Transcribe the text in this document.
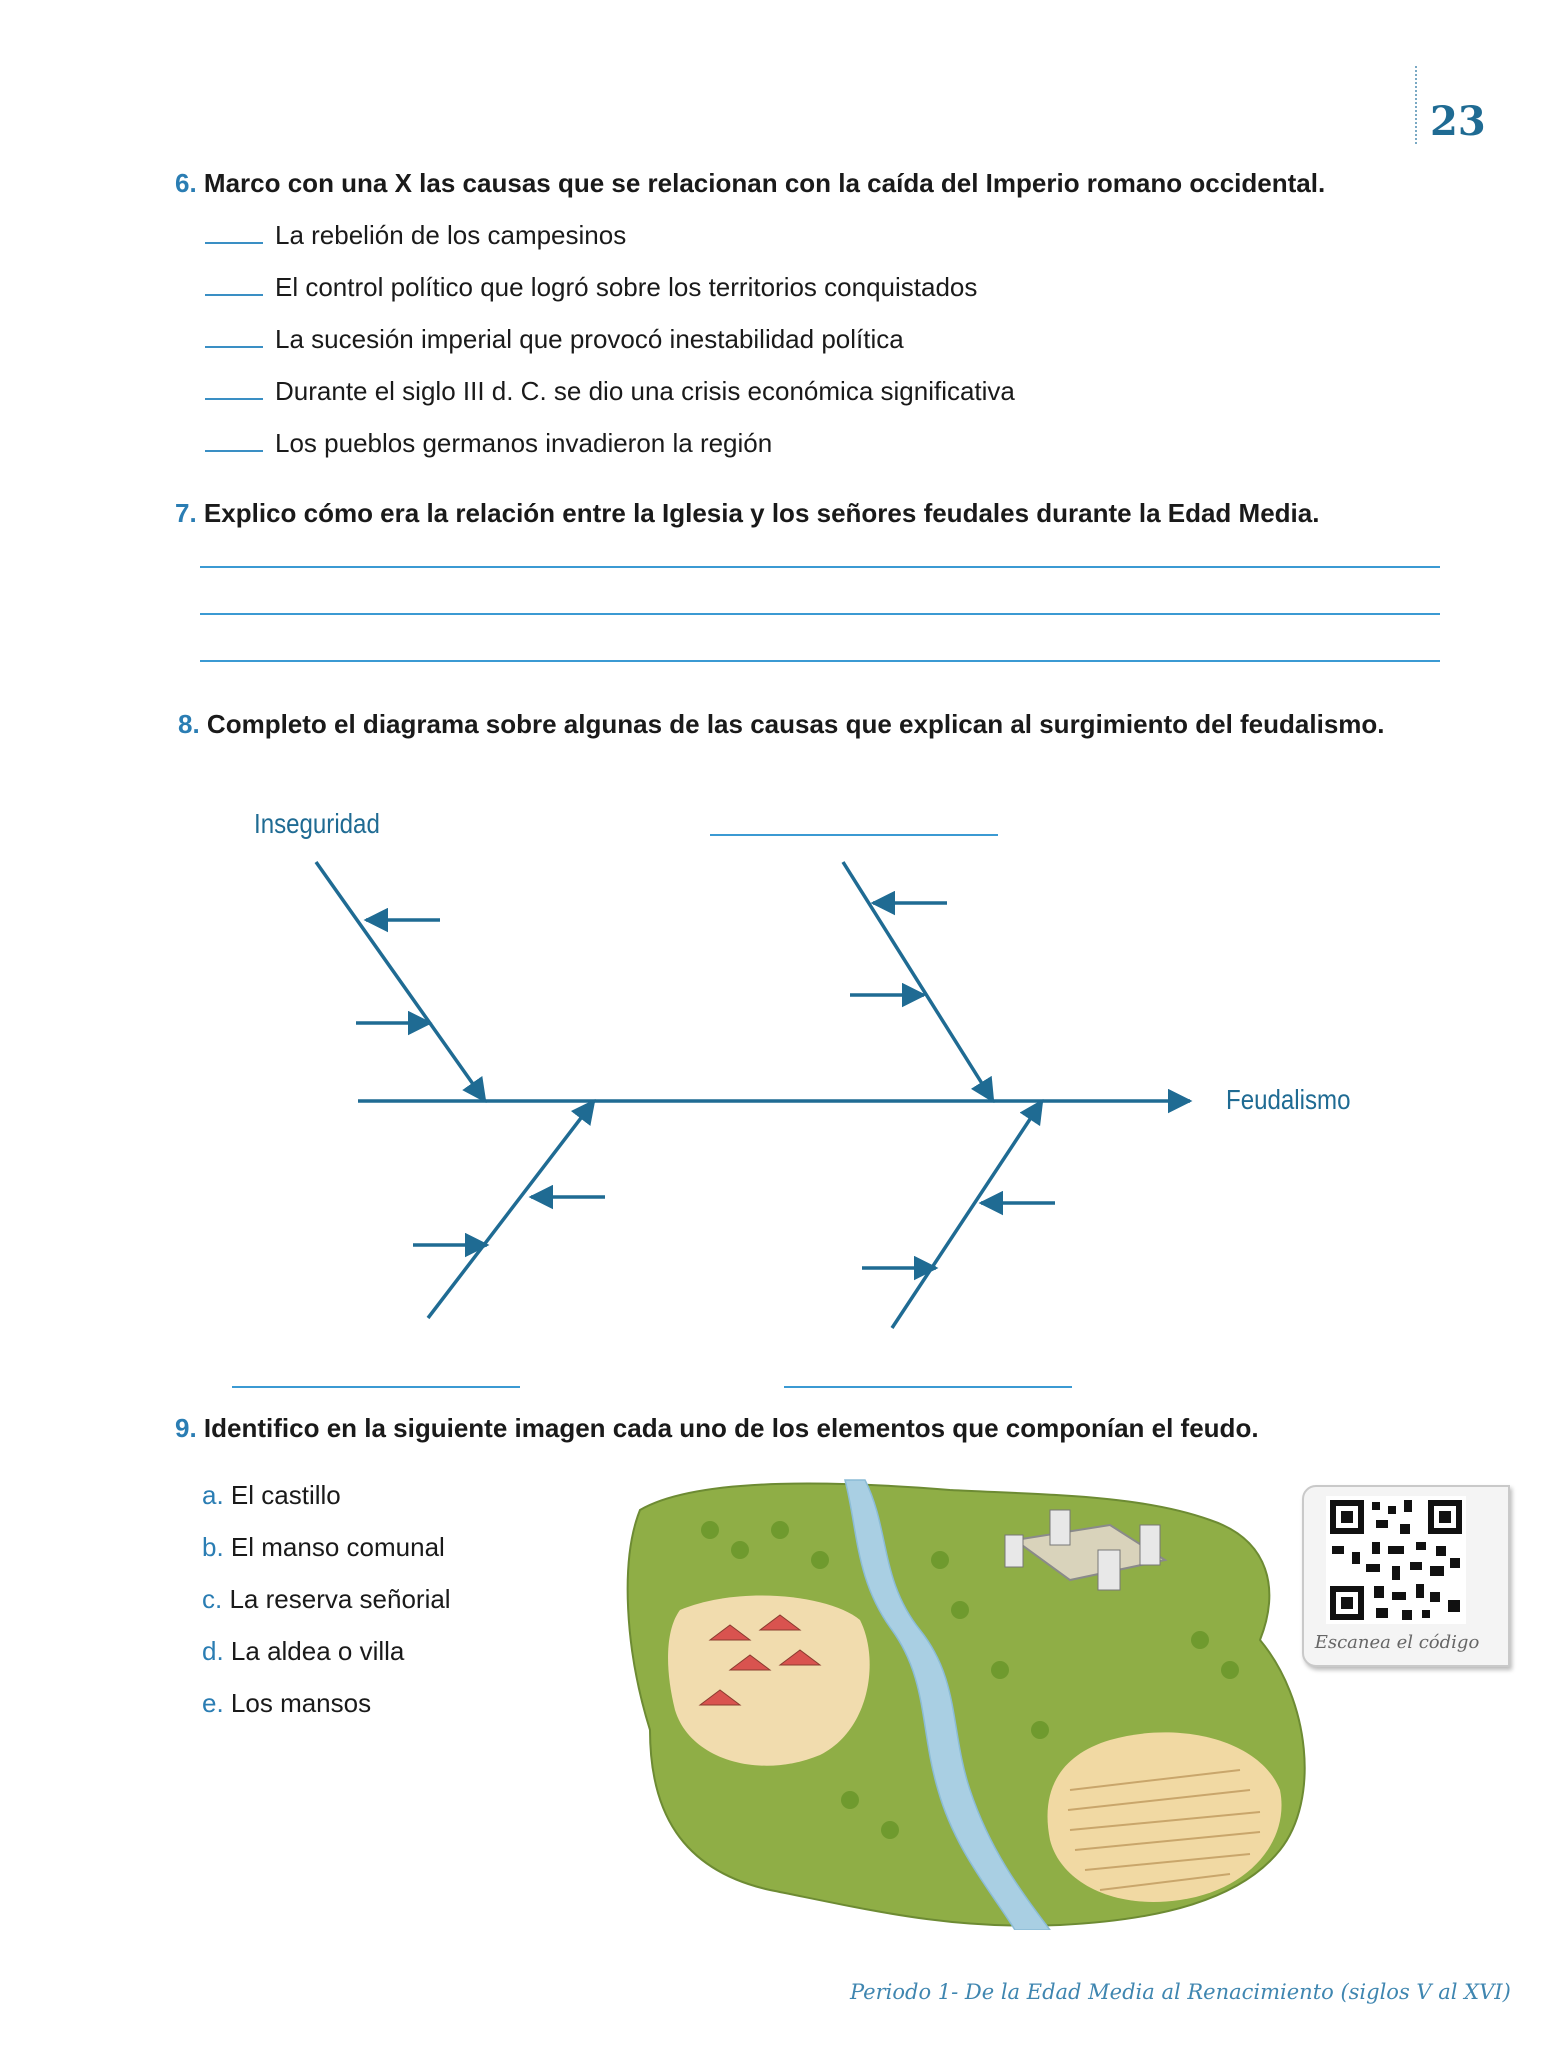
23
6. Marco con una X las causas que se relacionan con la caída del Imperio romano occidental.
La rebelión de los campesinos
El control político que logró sobre los territorios conquistados
La sucesión imperial que provocó inestabilidad política
Durante el siglo III d. C. se dio una crisis económica significativa
Los pueblos germanos invadieron la región
7. Explico cómo era la relación entre la Iglesia y los señores feudales durante la Edad Media.
8. Completo el diagrama sobre algunas de las causas que explican al surgimiento del feudalismo.
Inseguridad
Feudalismo
9. Identifico en la siguiente imagen cada uno de los elementos que componían el feudo.
a. El castillo
b. El manso comunal
c. La reserva señorial
d. La aldea o villa
e. Los mansos
Escanea el código
Periodo 1- De la Edad Media al Renacimiento (siglos V al XVI)
